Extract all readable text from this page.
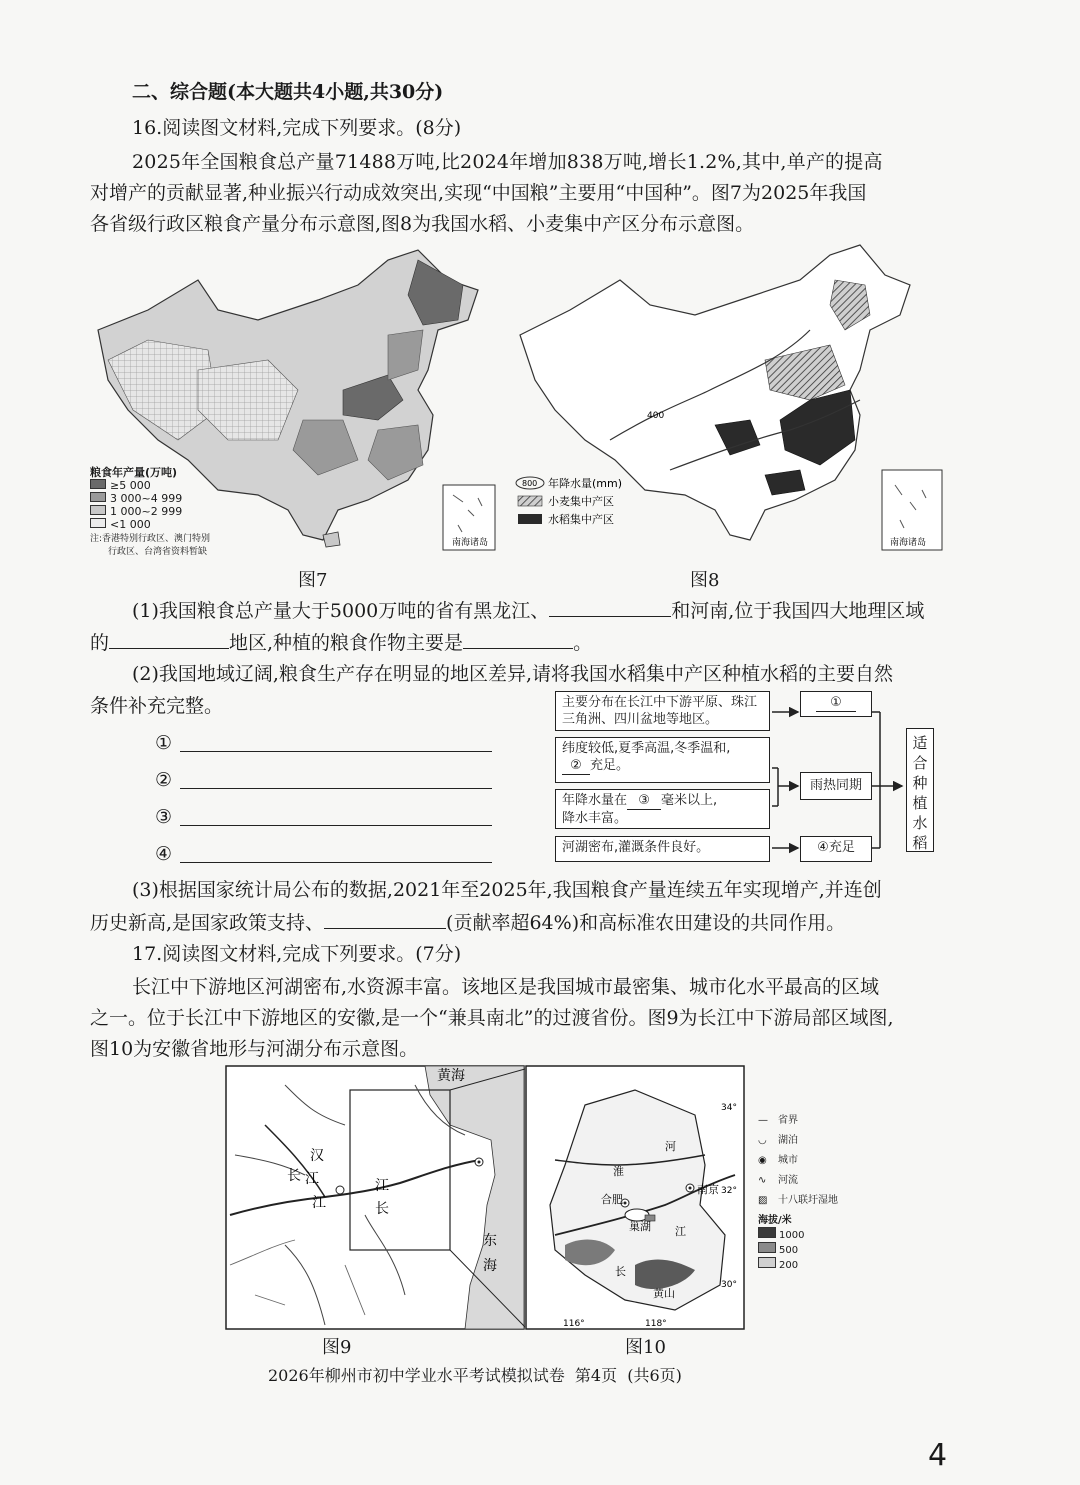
二、综合题(本大题共4小题,共30分)
16.阅读图文材料,完成下列要求。(8分)
2025年全国粮食总产量71488万吨,比2024年增加838万吨,增长1.2%,其中,单产的提高
对增产的贡献显著,种业振兴行动成效突出,实现“中国粮”主要用“中国种”。图7为2025年我国
各省级行政区粮食产量分布示意图,图8为我国水稻、小麦集中产区分布示意图。
南海诸岛
粮食年产量(万吨)
≥5 000
3 000~4 999
1 000~2 999
<1 000
注:香港特别行政区、澳门特别
行政区、台湾省资料暂缺
图7
400
南海诸岛
800 年降水量(mm)
小麦集中产区
水稻集中产区
图8
(1)我国粮食总产量大于5000万吨的省有黑龙江、	和河南,位于我国四大地理区域
的	地区,种植的粮食作物主要是	。
(2)我国地域辽阔,粮食生产存在明显的地区差异,请将我国水稻集中产区种植水稻的主要自然
条件补充完整。
①
②
③
④
主要分布在长江中下游平原、珠江三角洲、四川盆地等地区。
纬度较低,夏季高温,冬季温和,
② 充足。
年降水量在 ③ 毫米以上,
降水丰富。
河湖密布,灌溉条件良好。
①
雨热同期
④充足
适合种植水稻
(3)根据国家统计局公布的数据,2021年至2025年,我国粮食产量连续五年实现增产,并连创
历史新高,是国家政策支持、	(贡献率超64%)和高标准农田建设的共同作用。
17.阅读图文材料,完成下列要求。(7分)
长江中下游地区河湖密布,水资源丰富。该地区是我国城市最密集、城市化水平最高的区域
之一。位于长江中下游地区的安徽,是一个“兼具南北”的过渡省份。图9为长江中下游局部区域图,
图10为安徽省地形与河湖分布示意图。
黄海
东
海
汉
江
长
江	长
江
图9
34°
32°
30°
116°	118°
淮
河
合肥
巢湖
南京
江
长
黄山
图10
— 省界
◡ 湖泊
◉ 城市
∿ 河流
▨ 十八联圩湿地
海拔/米
1000
500
200
2026年柳州市初中学业水平考试模拟试卷  第4页  (共6页)
4
